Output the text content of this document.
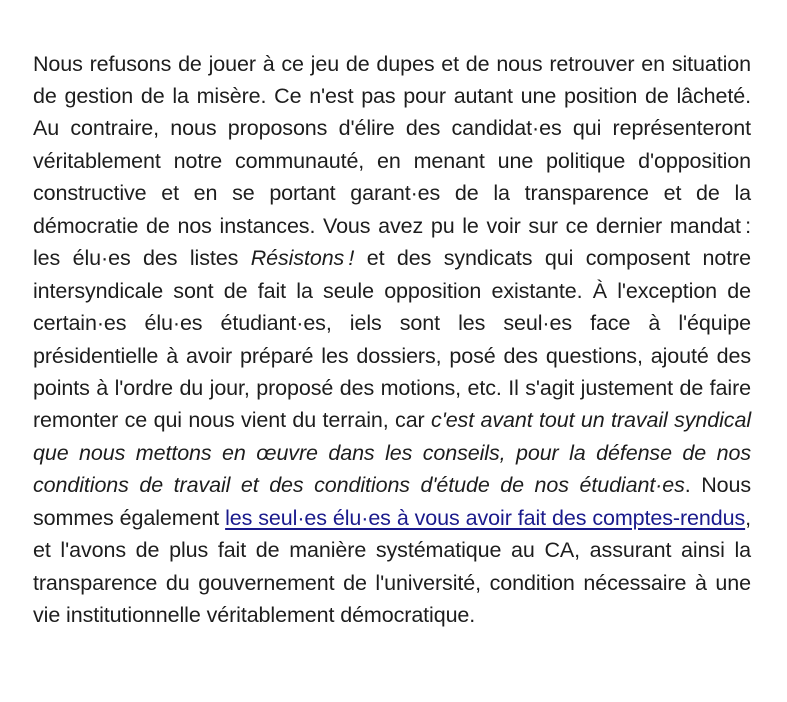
Nous refusons de jouer à ce jeu de dupes et de nous retrouver en situation de gestion de la misère. Ce n'est pas pour autant une position de lâcheté. Au contraire, nous proposons d'élire des candidat·es qui représenteront véritablement notre communauté, en menant une politique d'opposition constructive et en se portant garant·es de la transparence et de la démocratie de nos instances. Vous avez pu le voir sur ce dernier mandat : les élu·es des listes Résistons ! et des syndicats qui composent notre intersyndicale sont de fait la seule opposition existante. À l'exception de certain·es élu·es étudiant·es, iels sont les seul·es face à l'équipe présidentielle à avoir préparé les dossiers, posé des questions, ajouté des points à l'ordre du jour, proposé des motions, etc. Il s'agit justement de faire remonter ce qui nous vient du terrain, car c'est avant tout un travail syndical que nous mettons en œuvre dans les conseils, pour la défense de nos conditions de travail et des conditions d'étude de nos étudiant·es. Nous sommes également les seul·es élu·es à vous avoir fait des comptes-rendus, et l'avons de plus fait de manière systématique au CA, assurant ainsi la transparence du gouvernement de l'université, condition nécessaire à une vie institutionnelle véritablement démocratique.
